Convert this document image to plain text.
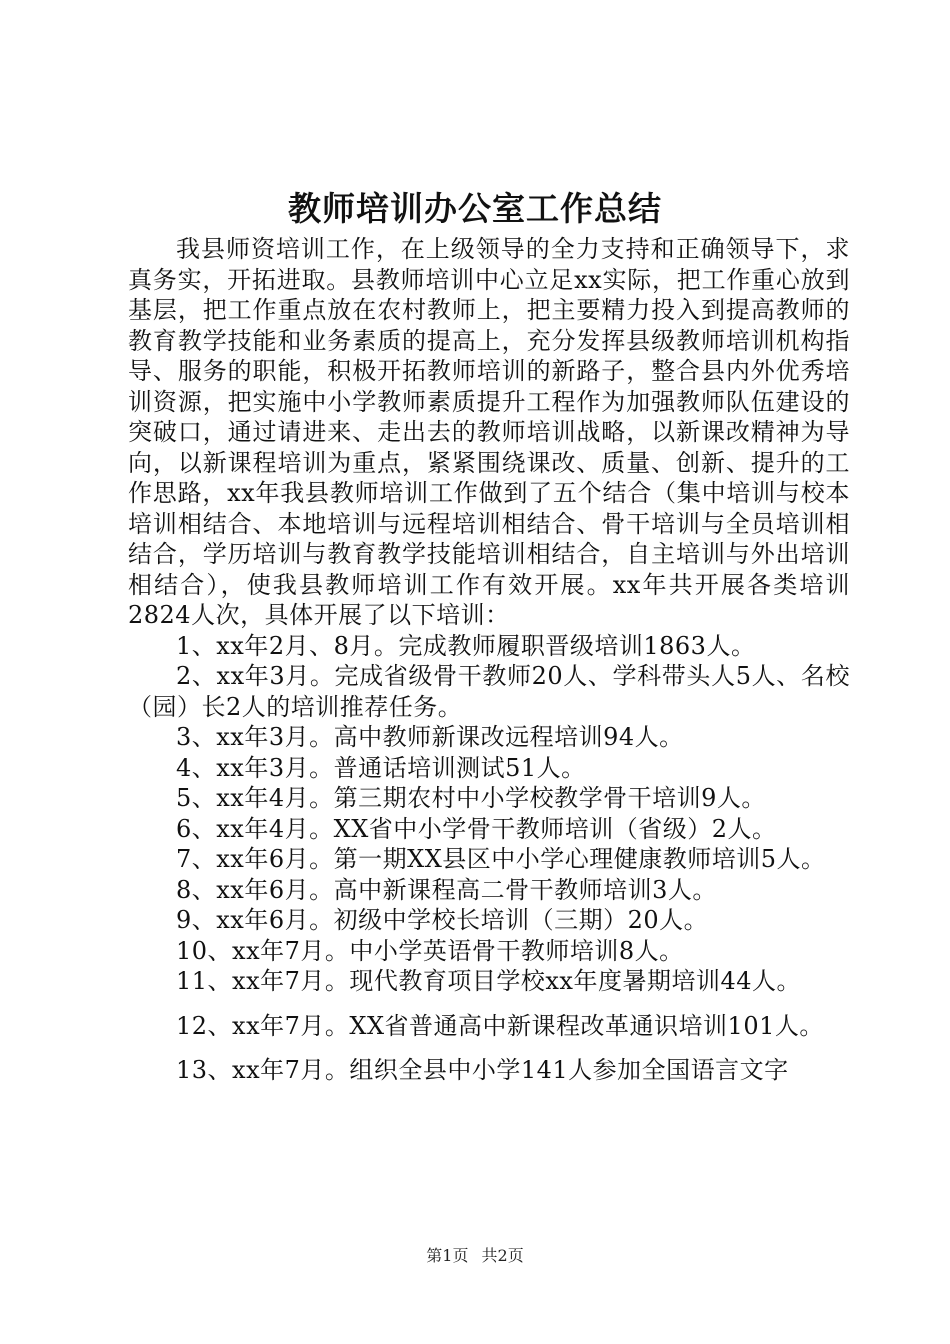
教师培训办公室工作总结

我县师资培训工作，在上级领导的全力支持和正确领导下，求真务实，开拓进取。县教师培训中心立足xx实际，把工作重心放到基层，把工作重点放在农村教师上，把主要精力投入到提高教师的教育教学技能和业务素质的提高上，充分发挥县级教师培训机构指导、服务的职能，积极开拓教师培训的新路子，整合县内外优秀培训资源，把实施中小学教师素质提升工程作为加强教师队伍建设的突破口，通过请进来、走出去的教师培训战略，以新课改精神为导向，以新课程培训为重点，紧紧围绕课改、质量、创新、提升的工作思路，xx年我县教师培训工作做到了五个结合（集中培训与校本培训相结合、本地培训与远程培训相结合、骨干培训与全员培训相结合，学历培训与教育教学技能培训相结合，自主培训与外出培训相结合），使我县教师培训工作有效开展。xx年共开展各类培训2824人次，具体开展了以下培训：

1、xx年2月、8月。完成教师履职晋级培训1863人。

2、xx年3月。完成省级骨干教师20人、学科带头人5人、名校（园）长2人的培训推荐任务。

3、xx年3月。高中教师新课改远程培训94人。

4、xx年3月。普通话培训测试51人。

5、xx年4月。第三期农村中小学校教学骨干培训9人。

6、xx年4月。XX省中小学骨干教师培训（省级）2人。

7、xx年6月。第一期XX县区中小学心理健康教师培训5人。

8、xx年6月。高中新课程高二骨干教师培训3人。

9、xx年6月。初级中学校长培训（三期）20人。

10、xx年7月。中小学英语骨干教师培训8人。

11、xx年7月。现代教育项目学校xx年度暑期培训44人。

12、xx年7月。XX省普通高中新课程改革通识培训101人。

13、xx年7月。组织全县中小学141人参加全国语言文字

第1页 共2页
